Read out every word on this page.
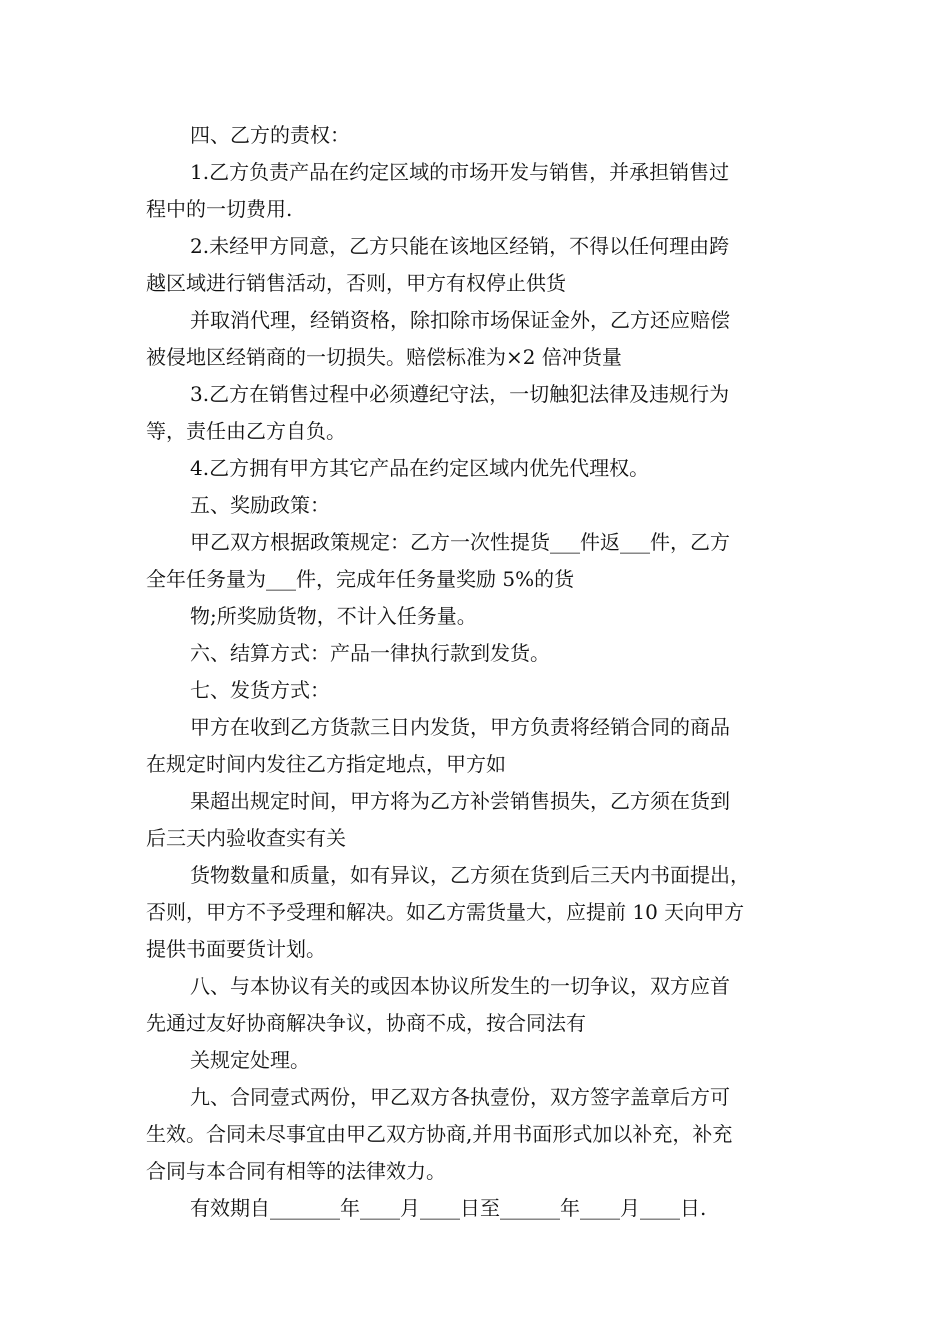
四、乙方的责权：
1.乙方负责产品在约定区域的市场开发与销售，并承担销售过
程中的一切费用.
2.未经甲方同意，乙方只能在该地区经销，不得以任何理由跨
越区域进行销售活动，否则，甲方有权停止供货
并取消代理，经销资格，除扣除市场保证金外，乙方还应赔偿
被侵地区经销商的一切损失。赔偿标准为×2 倍冲货量
3.乙方在销售过程中必须遵纪守法，一切触犯法律及违规行为
等，责任由乙方自负。
4.乙方拥有甲方其它产品在约定区域内优先代理权。
五、奖励政策：
甲乙双方根据政策规定：乙方一次性提货___件返___件，乙方
全年任务量为___件，完成年任务量奖励 5%的货
物;所奖励货物，不计入任务量。
六、结算方式：产品一律执行款到发货。
七、发货方式：
甲方在收到乙方货款三日内发货，甲方负责将经销合同的商品
在规定时间内发往乙方指定地点，甲方如
果超出规定时间，甲方将为乙方补尝销售损失，乙方须在货到
后三天内验收查实有关
货物数量和质量，如有异议，乙方须在货到后三天内书面提出，
否则，甲方不予受理和解决。如乙方需货量大，应提前 10 天向甲方
提供书面要货计划。
八、与本协议有关的或因本协议所发生的一切争议，双方应首
先通过友好协商解决争议，协商不成，按合同法有
关规定处理。
九、合同壹式两份，甲乙双方各执壹份，双方签字盖章后方可
生效。合同未尽事宜由甲乙双方协商,并用书面形式加以补充，补充
合同与本合同有相等的法律效力。
有效期自_______年____月____日至______年____月____日.
